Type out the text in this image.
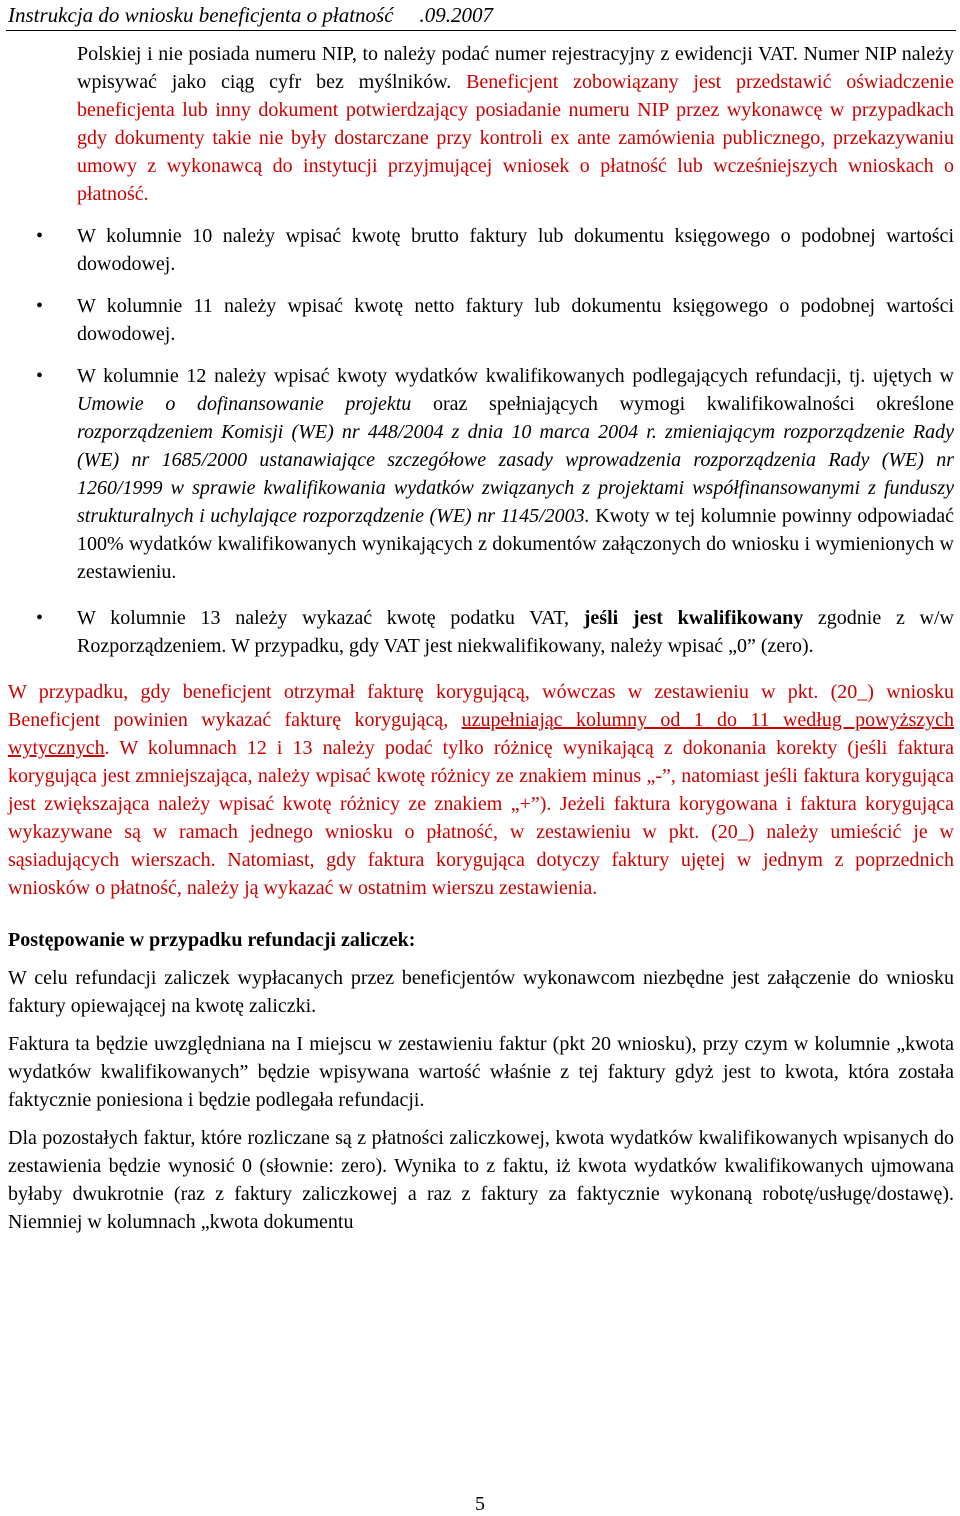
Instrukcja do wniosku beneficjenta o płatność .09.2007

Polskiej i nie posiada numeru NIP, to należy podać numer rejestracyjny z ewidencji VAT. Numer NIP należy wpisywać jako ciąg cyfr bez myślników. Beneficjent zobowiązany jest przedstawić oświadczenie beneficjenta lub inny dokument potwierdzający posiadanie numeru NIP przez wykonawcę w przypadkach gdy dokumenty takie nie były dostarczane przy kontroli ex ante zamówienia publicznego, przekazywaniu umowy z wykonawcą do instytucji przyjmującej wniosek o płatność lub wcześniejszych wnioskach o płatność.

• W kolumnie 10 należy wpisać kwotę brutto faktury lub dokumentu księgowego o podobnej wartości dowodowej.

• W kolumnie 11 należy wpisać kwotę netto faktury lub dokumentu księgowego o podobnej wartości dowodowej.

• W kolumnie 12 należy wpisać kwoty wydatków kwalifikowanych podlegających refundacji, tj. ujętych w Umowie o dofinansowanie projektu oraz spełniających wymogi kwalifikowalności określone rozporządzeniem Komisji (WE) nr 448/2004 z dnia 10 marca 2004 r. zmieniającym rozporządzenie Rady (WE) nr 1685/2000 ustanawiające szczegółowe zasady wprowadzenia rozporządzenia Rady (WE) nr 1260/1999 w sprawie kwalifikowania wydatków związanych z projektami współfinansowanymi z funduszy strukturalnych i uchylające rozporządzenie (WE) nr 1145/2003. Kwoty w tej kolumnie powinny odpowiadać 100% wydatków kwalifikowanych wynikających z dokumentów załączonych do wniosku i wymienionych w zestawieniu.

• W kolumnie 13 należy wykazać kwotę podatku VAT, jeśli jest kwalifikowany zgodnie z w/w Rozporządzeniem. W przypadku, gdy VAT jest niekwalifikowany, należy wpisać „0” (zero).

W przypadku, gdy beneficjent otrzymał fakturę korygującą, wówczas w zestawieniu w pkt. (20_) wniosku Beneficjent powinien wykazać fakturę korygującą, uzupełniając kolumny od 1 do 11 według powyższych wytycznych. W kolumnach 12 i 13 należy podać tylko różnicę wynikającą z dokonania korekty (jeśli faktura korygująca jest zmniejszająca, należy wpisać kwotę różnicy ze znakiem minus „-”, natomiast jeśli faktura korygująca jest zwiększająca należy wpisać kwotę różnicy ze znakiem „+”). Jeżeli faktura korygowana i faktura korygująca wykazywane są w ramach jednego wniosku o płatność, w zestawieniu w pkt. (20_) należy umieścić je w sąsiadujących wierszach. Natomiast, gdy faktura korygująca dotyczy faktury ujętej w jednym z poprzednich wniosków o płatność, należy ją wykazać w ostatnim wierszu zestawienia.

Postępowanie w przypadku refundacji zaliczek:

W celu refundacji zaliczek wypłacanych przez beneficjentów wykonawcom niezbędne jest załączenie do wniosku faktury opiewającej na kwotę zaliczki.

Faktura ta będzie uwzględniana na I miejscu w zestawieniu faktur (pkt 20 wniosku), przy czym w kolumnie „kwota wydatków kwalifikowanych” będzie wpisywana wartość właśnie z tej faktury gdyż jest to kwota, która została faktycznie poniesiona i będzie podlegała refundacji.

Dla pozostałych faktur, które rozliczane są z płatności zaliczkowej, kwota wydatków kwalifikowanych wpisanych do zestawienia będzie wynosić 0 (słownie: zero). Wynika to z faktu, iż kwota wydatków kwalifikowanych ujmowana byłaby dwukrotnie (raz z faktury zaliczkowej a raz z faktury za faktycznie wykonaną robotę/usługę/dostawę). Niemniej w kolumnach „kwota dokumentu

5
